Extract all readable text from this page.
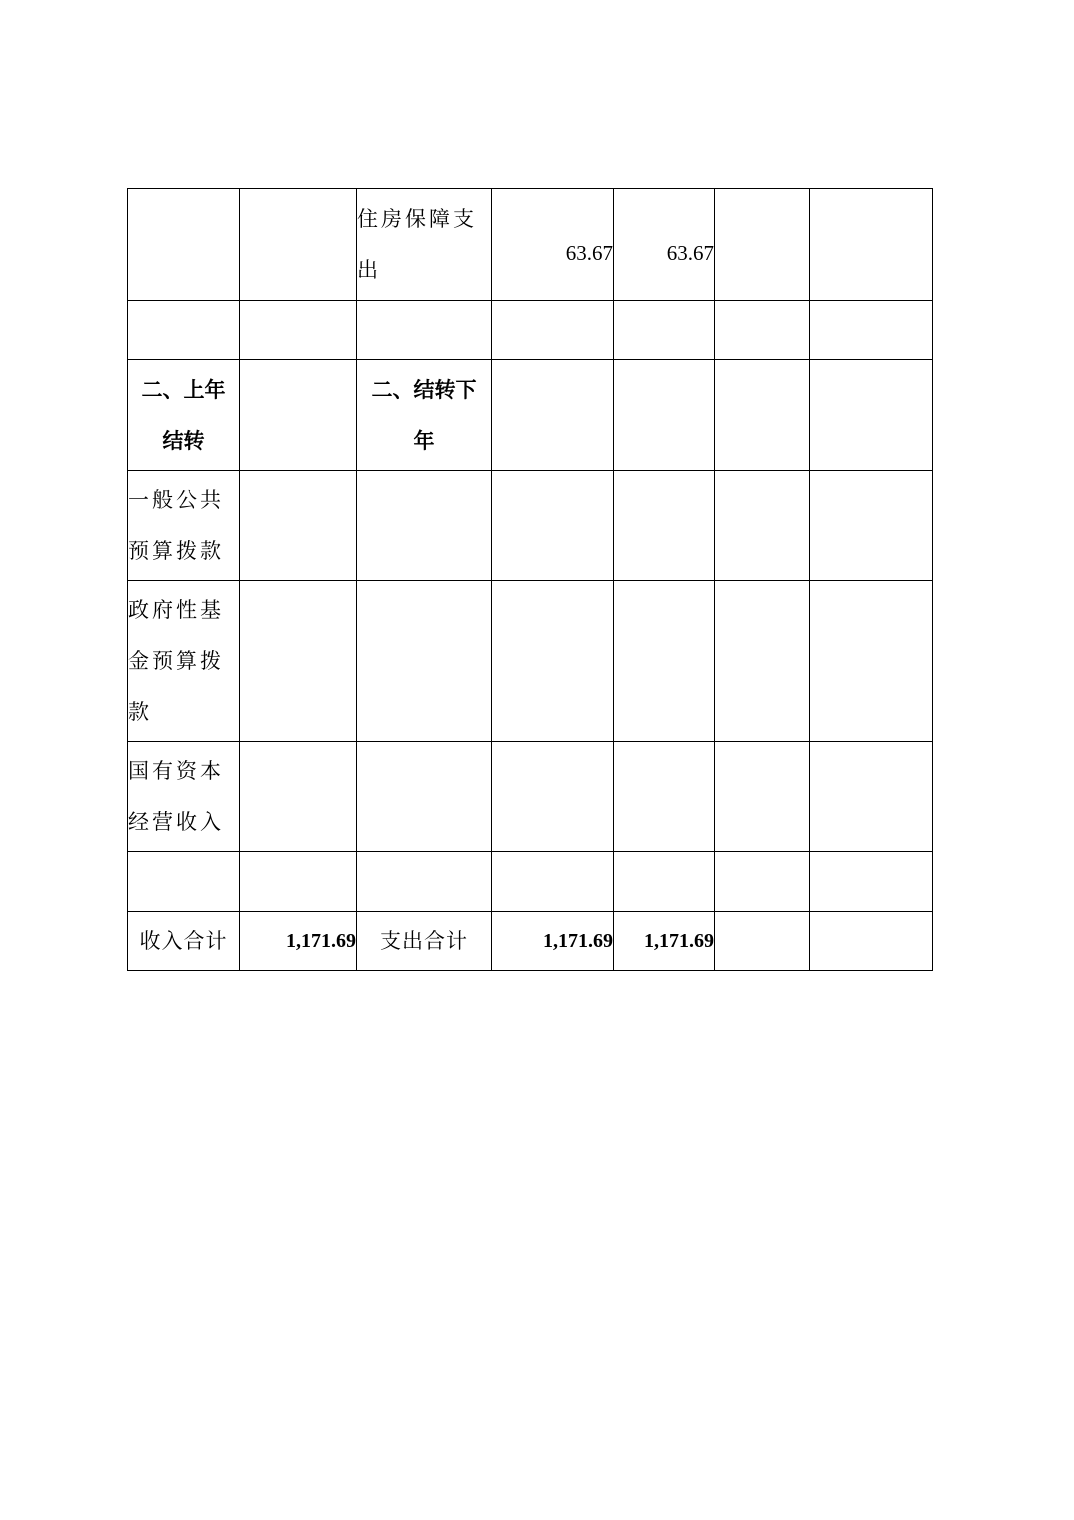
		住房保障支出	63.67	63.67		

二、上年结转		二、结转下年				
一般公共预算拨款						
政府性基金预算拨款						
国有资本经营收入						

收入合计	1,171.69	支出合计	1,171.69	1,171.69		
